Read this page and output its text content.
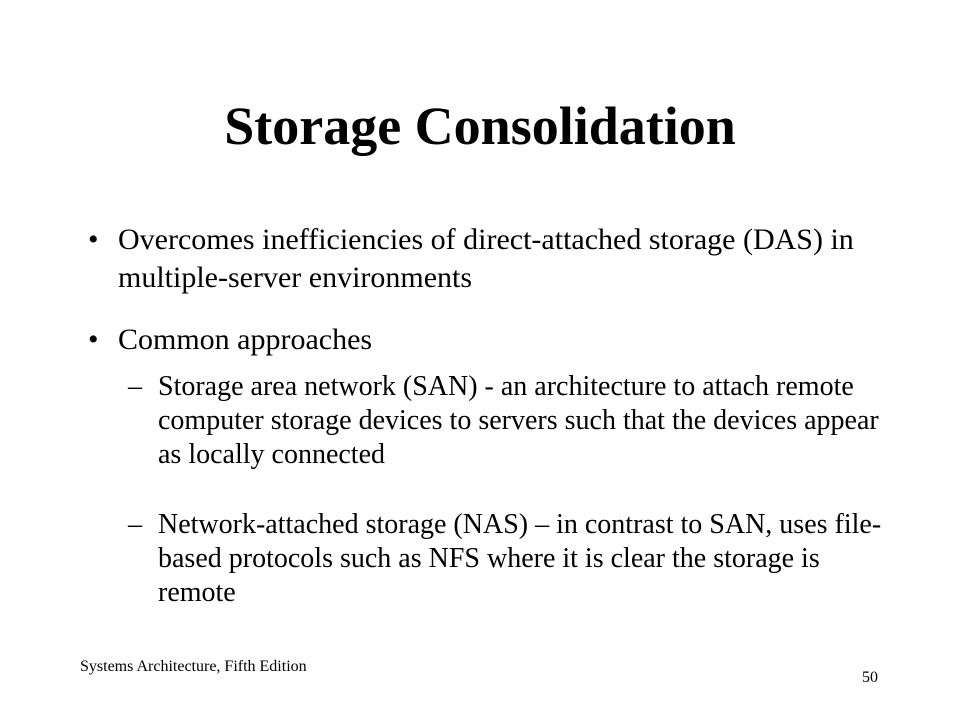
Storage Consolidation
• Overcomes inefficiencies of direct-attached storage (DAS) in multiple-server environments
• Common approaches
– Storage area network (SAN) - an architecture to attach remote computer storage devices to servers such that the devices appear as locally connected
– Network-attached storage (NAS) – in contrast to SAN, uses file-based protocols such as NFS where it is clear the storage is remote
Systems Architecture, Fifth Edition
50
